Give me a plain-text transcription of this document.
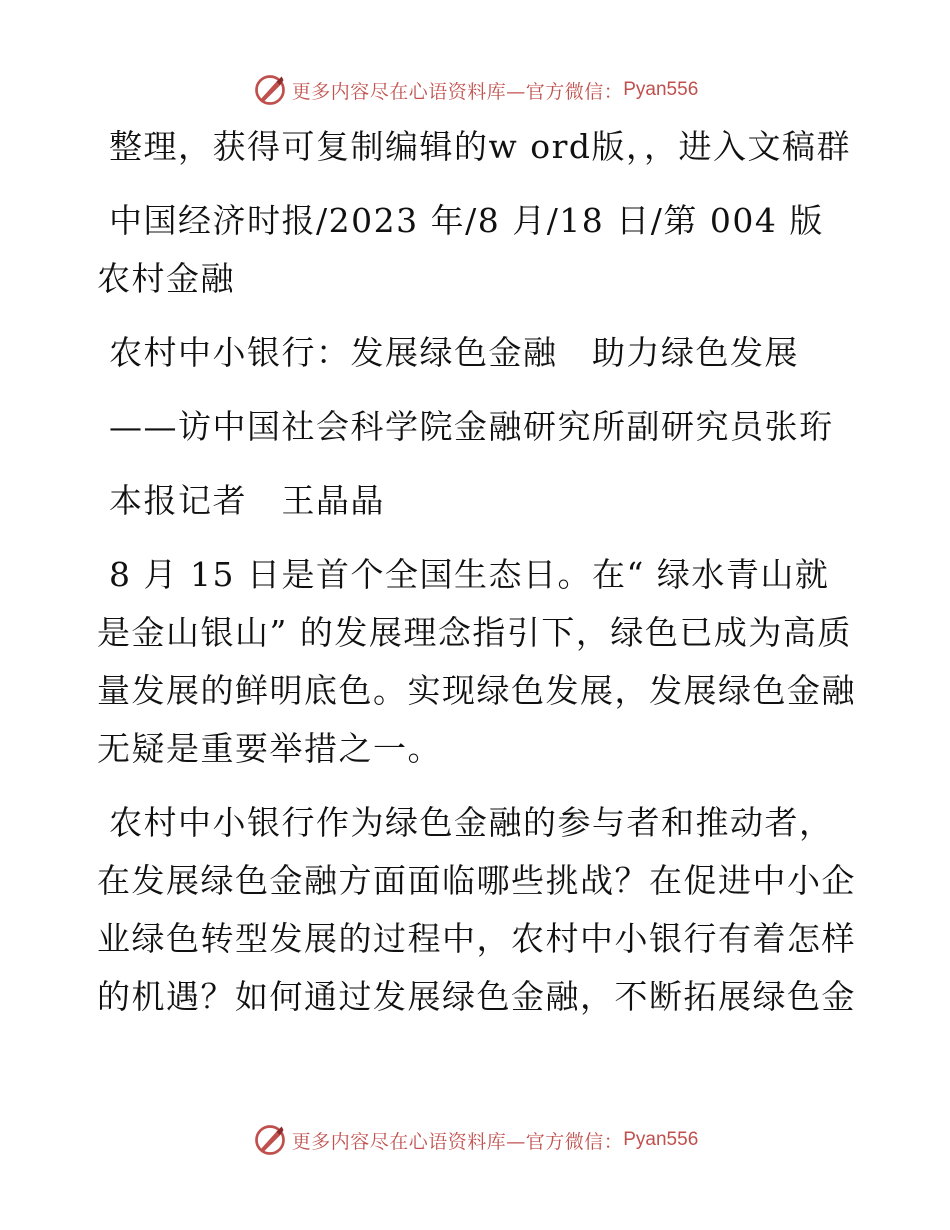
更多内容尽在心语资料库—官方微信： Pyan556

整理，获得可复制编辑的w ord版，，进入文稿群

中国经济时报/2023 年/8 月/18 日/第 004 版农村金融

农村中小银行：发展绿色金融　助力绿色发展

——访中国社会科学院金融研究所副研究员张珩

本报记者　王晶晶

8 月 15 日是首个全国生态日。在“ 绿水青山就是金山银山” 的发展理念指引下，绿色已成为高质量发展的鲜明底色。实现绿色发展，发展绿色金融无疑是重要举措之一。

农村中小银行作为绿色金融的参与者和推动者，在发展绿色金融方面面临哪些挑战？在促进中小企业绿色转型发展的过程中，农村中小银行有着怎样的机遇？如何通过发展绿色金融，不断拓展绿色金

更多内容尽在心语资料库—官方微信： Pyan556
